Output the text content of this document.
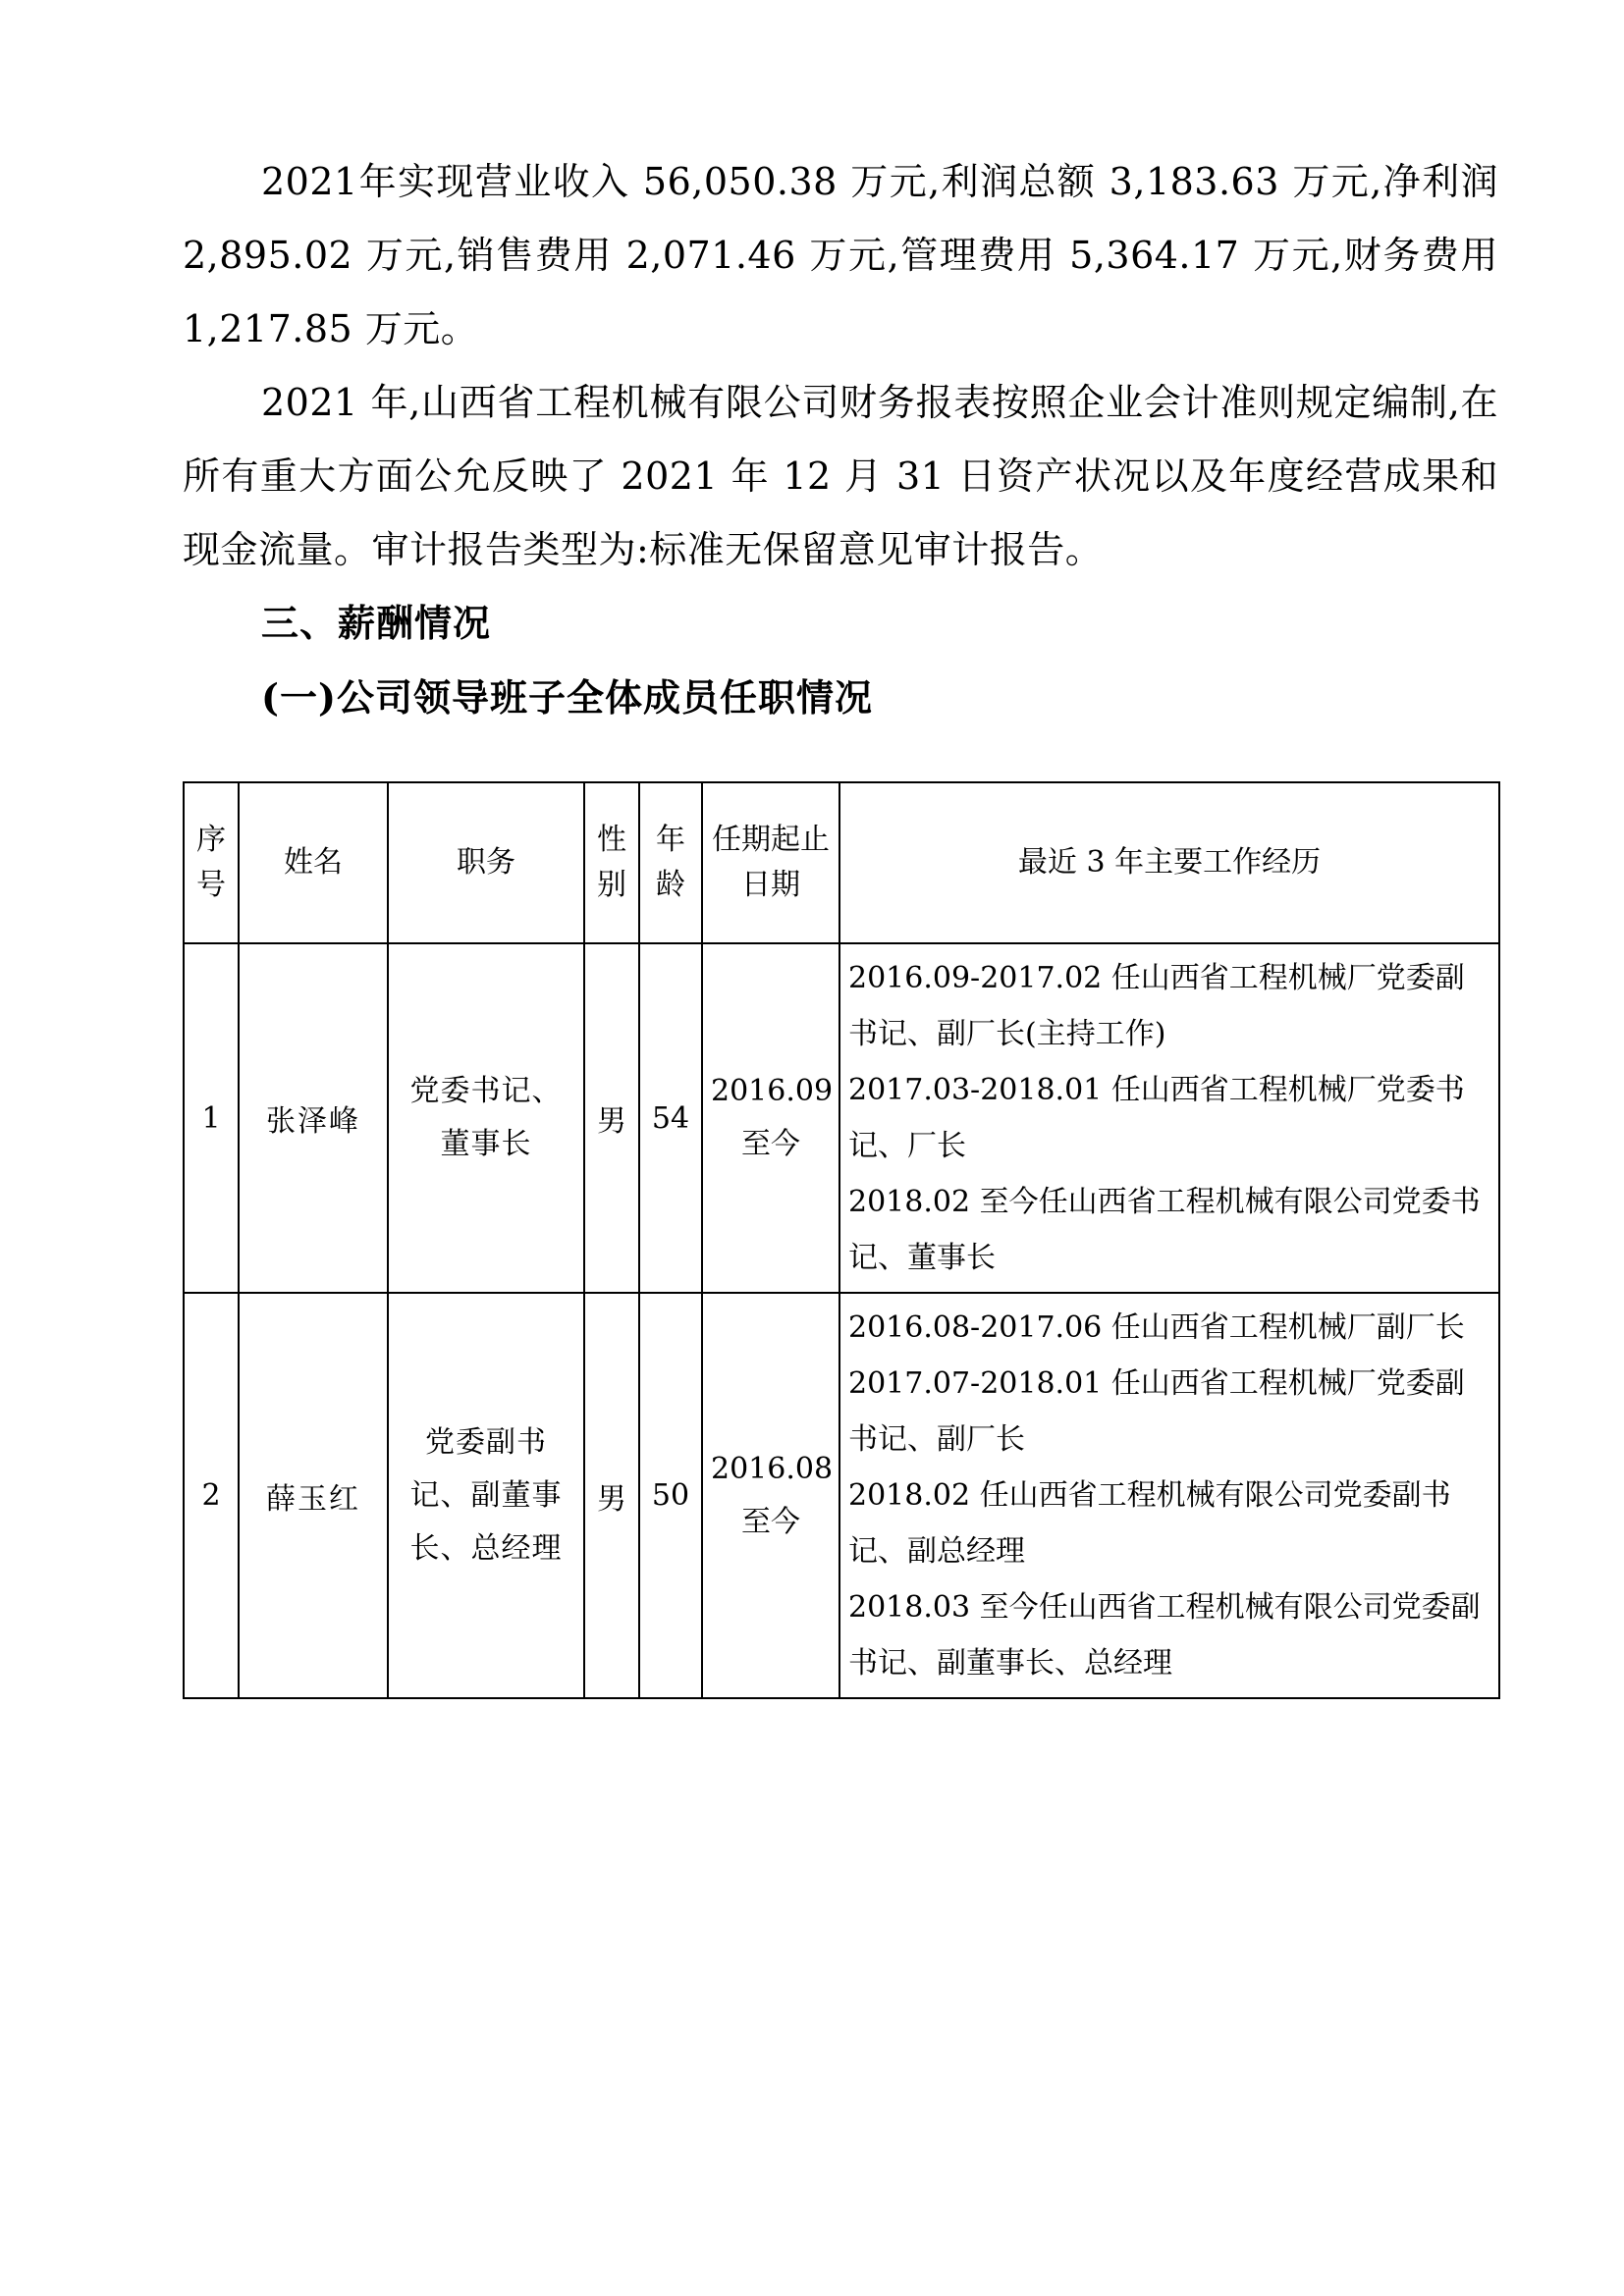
2021年实现营业收入 56,050.38 万元,利润总额 3,183.63 万元,净利润 2,895.02 万元,销售费用 2,071.46 万元,管理费用 5,364.17 万元,财务费用 1,217.85 万元。

2021 年,山西省工程机械有限公司财务报表按照企业会计准则规定编制,在所有重大方面公允反映了 2021 年 12 月 31 日资产状况以及年度经营成果和现金流量。审计报告类型为:标准无保留意见审计报告。

三、薪酬情况
(一)公司领导班子全体成员任职情况
序号	姓名	职务	性别	年龄	任期起止日期	最近 3 年主要工作经历
1	张泽峰	党委书记、董事长	男	54	2016.09 至今	2016.09-2017.02 任山西省工程机械厂党委副书记、副厂长(主持工作)
2017.03-2018.01 任山西省工程机械厂党委书记、厂长
2018.02 至今任山西省工程机械有限公司党委书记、董事长

2	薛玉红	党委副书记、副董事长、总经理	男	50	2016.08 至今	2016.08-2017.06 任山西省工程机械厂副厂长
2017.07-2018.01 任山西省工程机械厂党委副书记、副厂长
2018.02 任山西省工程机械有限公司党委副书记、副总经理
2018.03 至今任山西省工程机械有限公司党委副书记、副董事长、总经理
